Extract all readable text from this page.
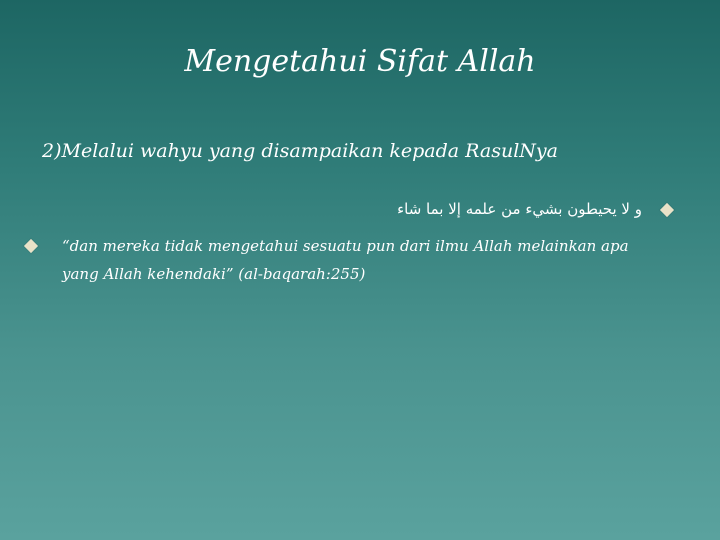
Mengetahui Sifat Allah

2)Melalui wahyu yang disampaikan kepada RasulNya

و لا يحيطون بشيء من علمه إلا بما شاء

“dan mereka tidak mengetahui sesuatu pun dari ilmu Allah melainkan apa yang Allah kehendaki” (al-baqarah:255)
